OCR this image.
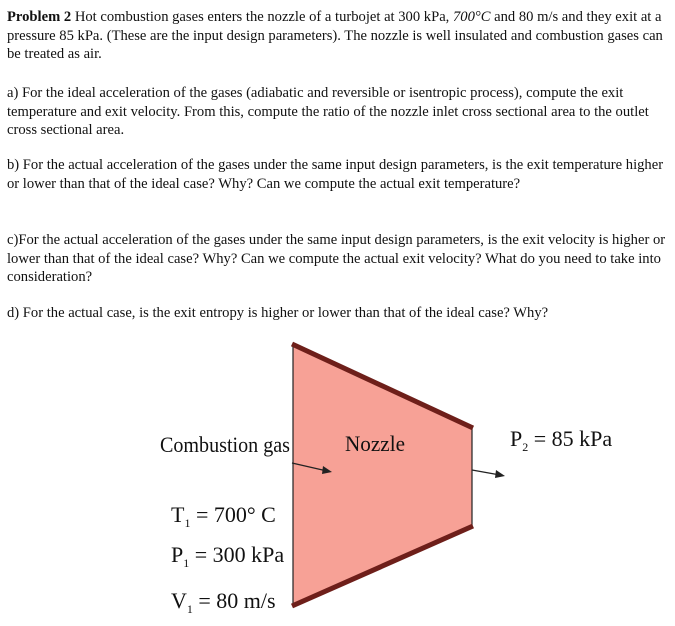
Problem 2 Hot combustion gases enters the nozzle of a turbojet at 300 kPa, 700°C and 80 m/s and they exit at a pressure 85 kPa. (These are the input design parameters). The nozzle is well insulated and combustion gases can be treated as air.
a) For the ideal acceleration of the gases (adiabatic and reversible or isentropic process), compute the exit temperature and exit velocity. From this, compute the ratio of the nozzle inlet cross sectional area to the outlet cross sectional area.
b) For the actual acceleration of the gases under the same input design parameters, is the exit temperature higher or lower than that of the ideal case? Why? Can we compute the actual exit temperature?
c)For the actual acceleration of the gases under the same input design parameters, is the exit velocity is higher or lower than that of the ideal case? Why? Can we compute the actual exit velocity? What do you need to take into consideration?
d) For the actual case, is the exit entropy is higher or lower than that of the ideal case? Why?
Combustion gas	Nozzle	$P_2 = 85$ kPa
$T_1 = 700^\circ$ C
$P_1 = 300$ kPa
$V_1 = 80$ m/s
